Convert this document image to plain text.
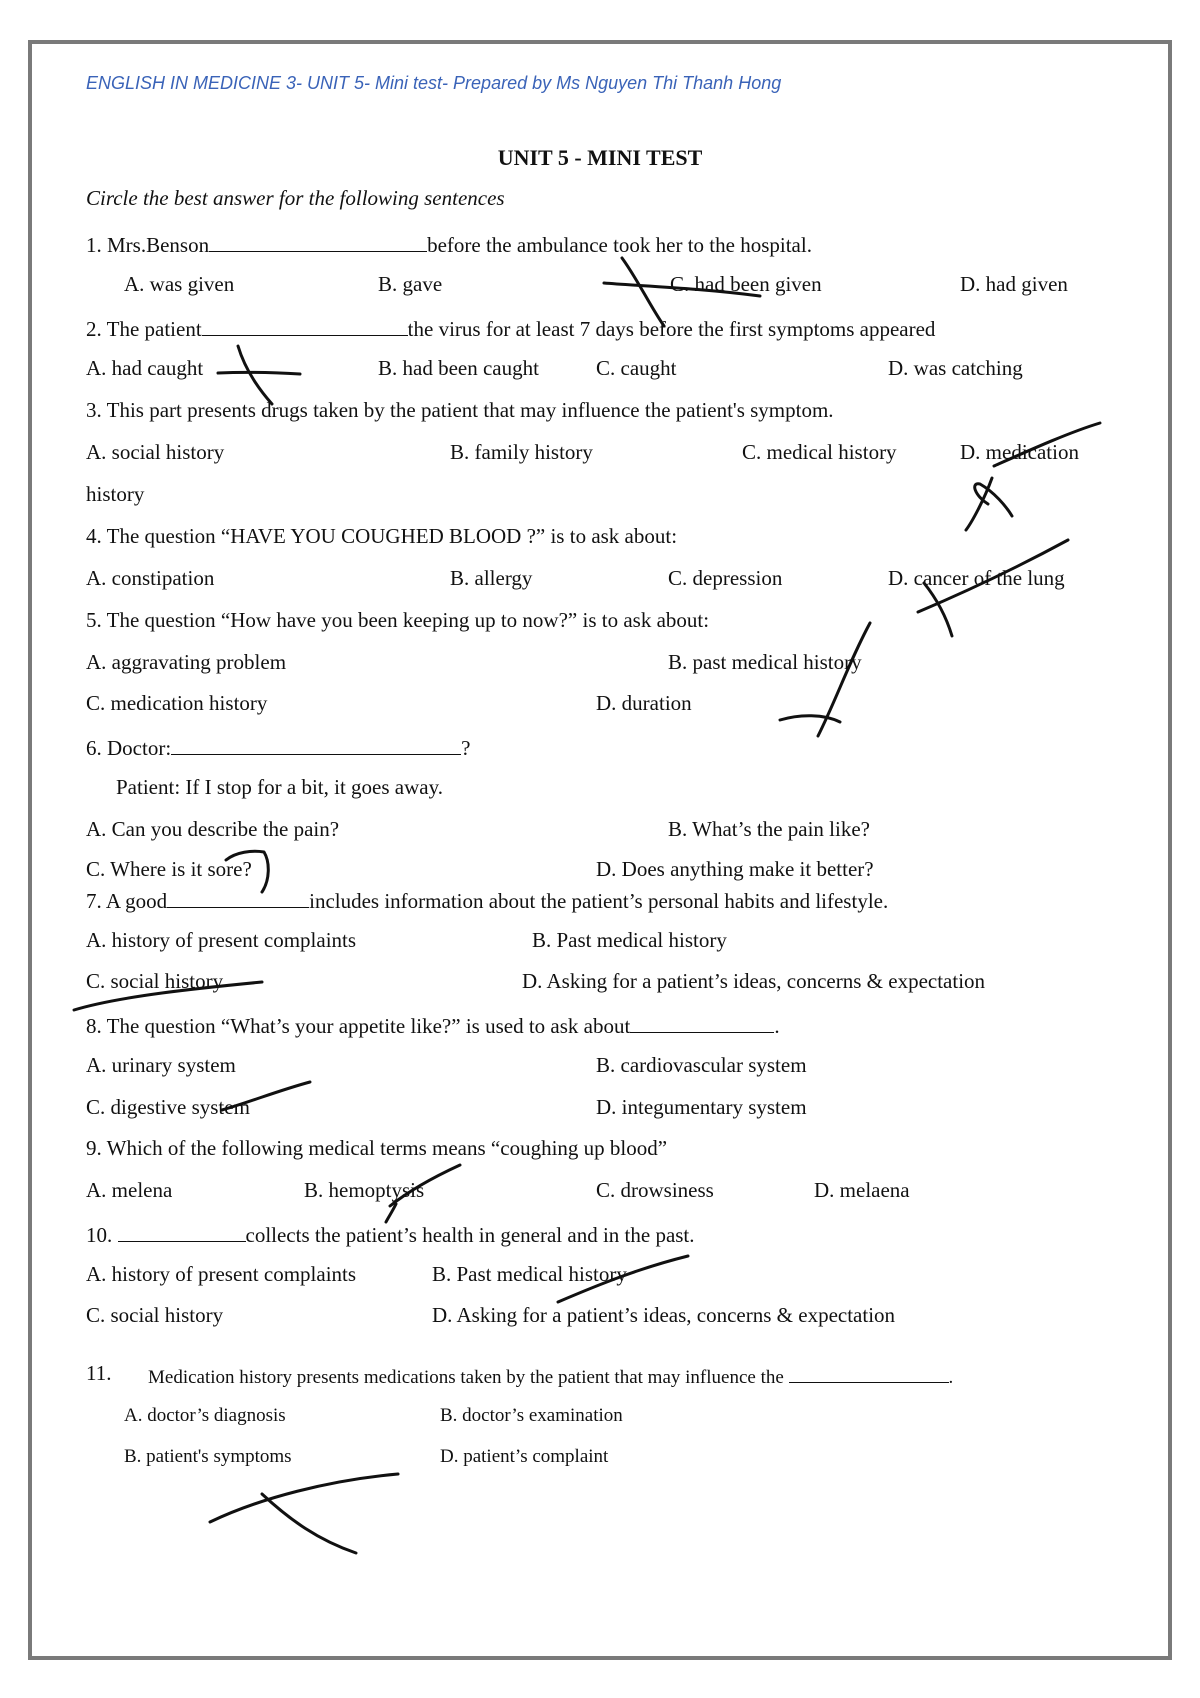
ENGLISH IN MEDICINE 3- UNIT 5- Mini test- Prepared by Ms Nguyen Thi Thanh Hong
UNIT 5 - MINI TEST
Circle the best answer for the following sentences
1. Mrs.Benson	before the ambulance took her to the hospital.
A. was given	B. gave	C. had been given	D. had given
2. The patient	the virus for at least 7 days before the first symptoms appeared
A. had caught	B. had been caught	C. caught	D. was catching
3. This part presents drugs taken by the patient that may influence the patient's symptom.
A. social history	B. family history	C. medical history	D. medication
history
4. The question “HAVE YOU COUGHED BLOOD ?” is to ask about:
A. constipation	B. allergy	C. depression	D. cancer of the lung
5. The question “How have you been keeping up to now?” is to ask about:
A. aggravating problem	B. past medical history
C. medication history	D. duration
6. Doctor:	?
Patient: If I stop for a bit, it goes away.
A. Can you describe the pain?	B. What’s the pain like?
C. Where is it sore?	D. Does anything make it better?
7. A good	includes information about the patient’s personal habits and lifestyle.
A. history of present complaints	B. Past medical history
C. social history	D. Asking for a patient’s ideas, concerns & expectation
8. The question “What’s your appetite like?” is used to ask about	.
A. urinary system	B. cardiovascular system
C. digestive system	D. integumentary system
9. Which of the following medical terms means “coughing up blood”
A. melena	B. hemoptysis	C. drowsiness	D. melaena
10.	collects the patient’s health in general and in the past.
A. history of present complaints	B. Past medical history
C. social history	D. Asking for a patient’s ideas, concerns & expectation
11. Medication history presents medications taken by the patient that may influence the	.
A. doctor’s diagnosis	B. doctor’s examination
B. patient's symptoms	D. patient’s complaint
